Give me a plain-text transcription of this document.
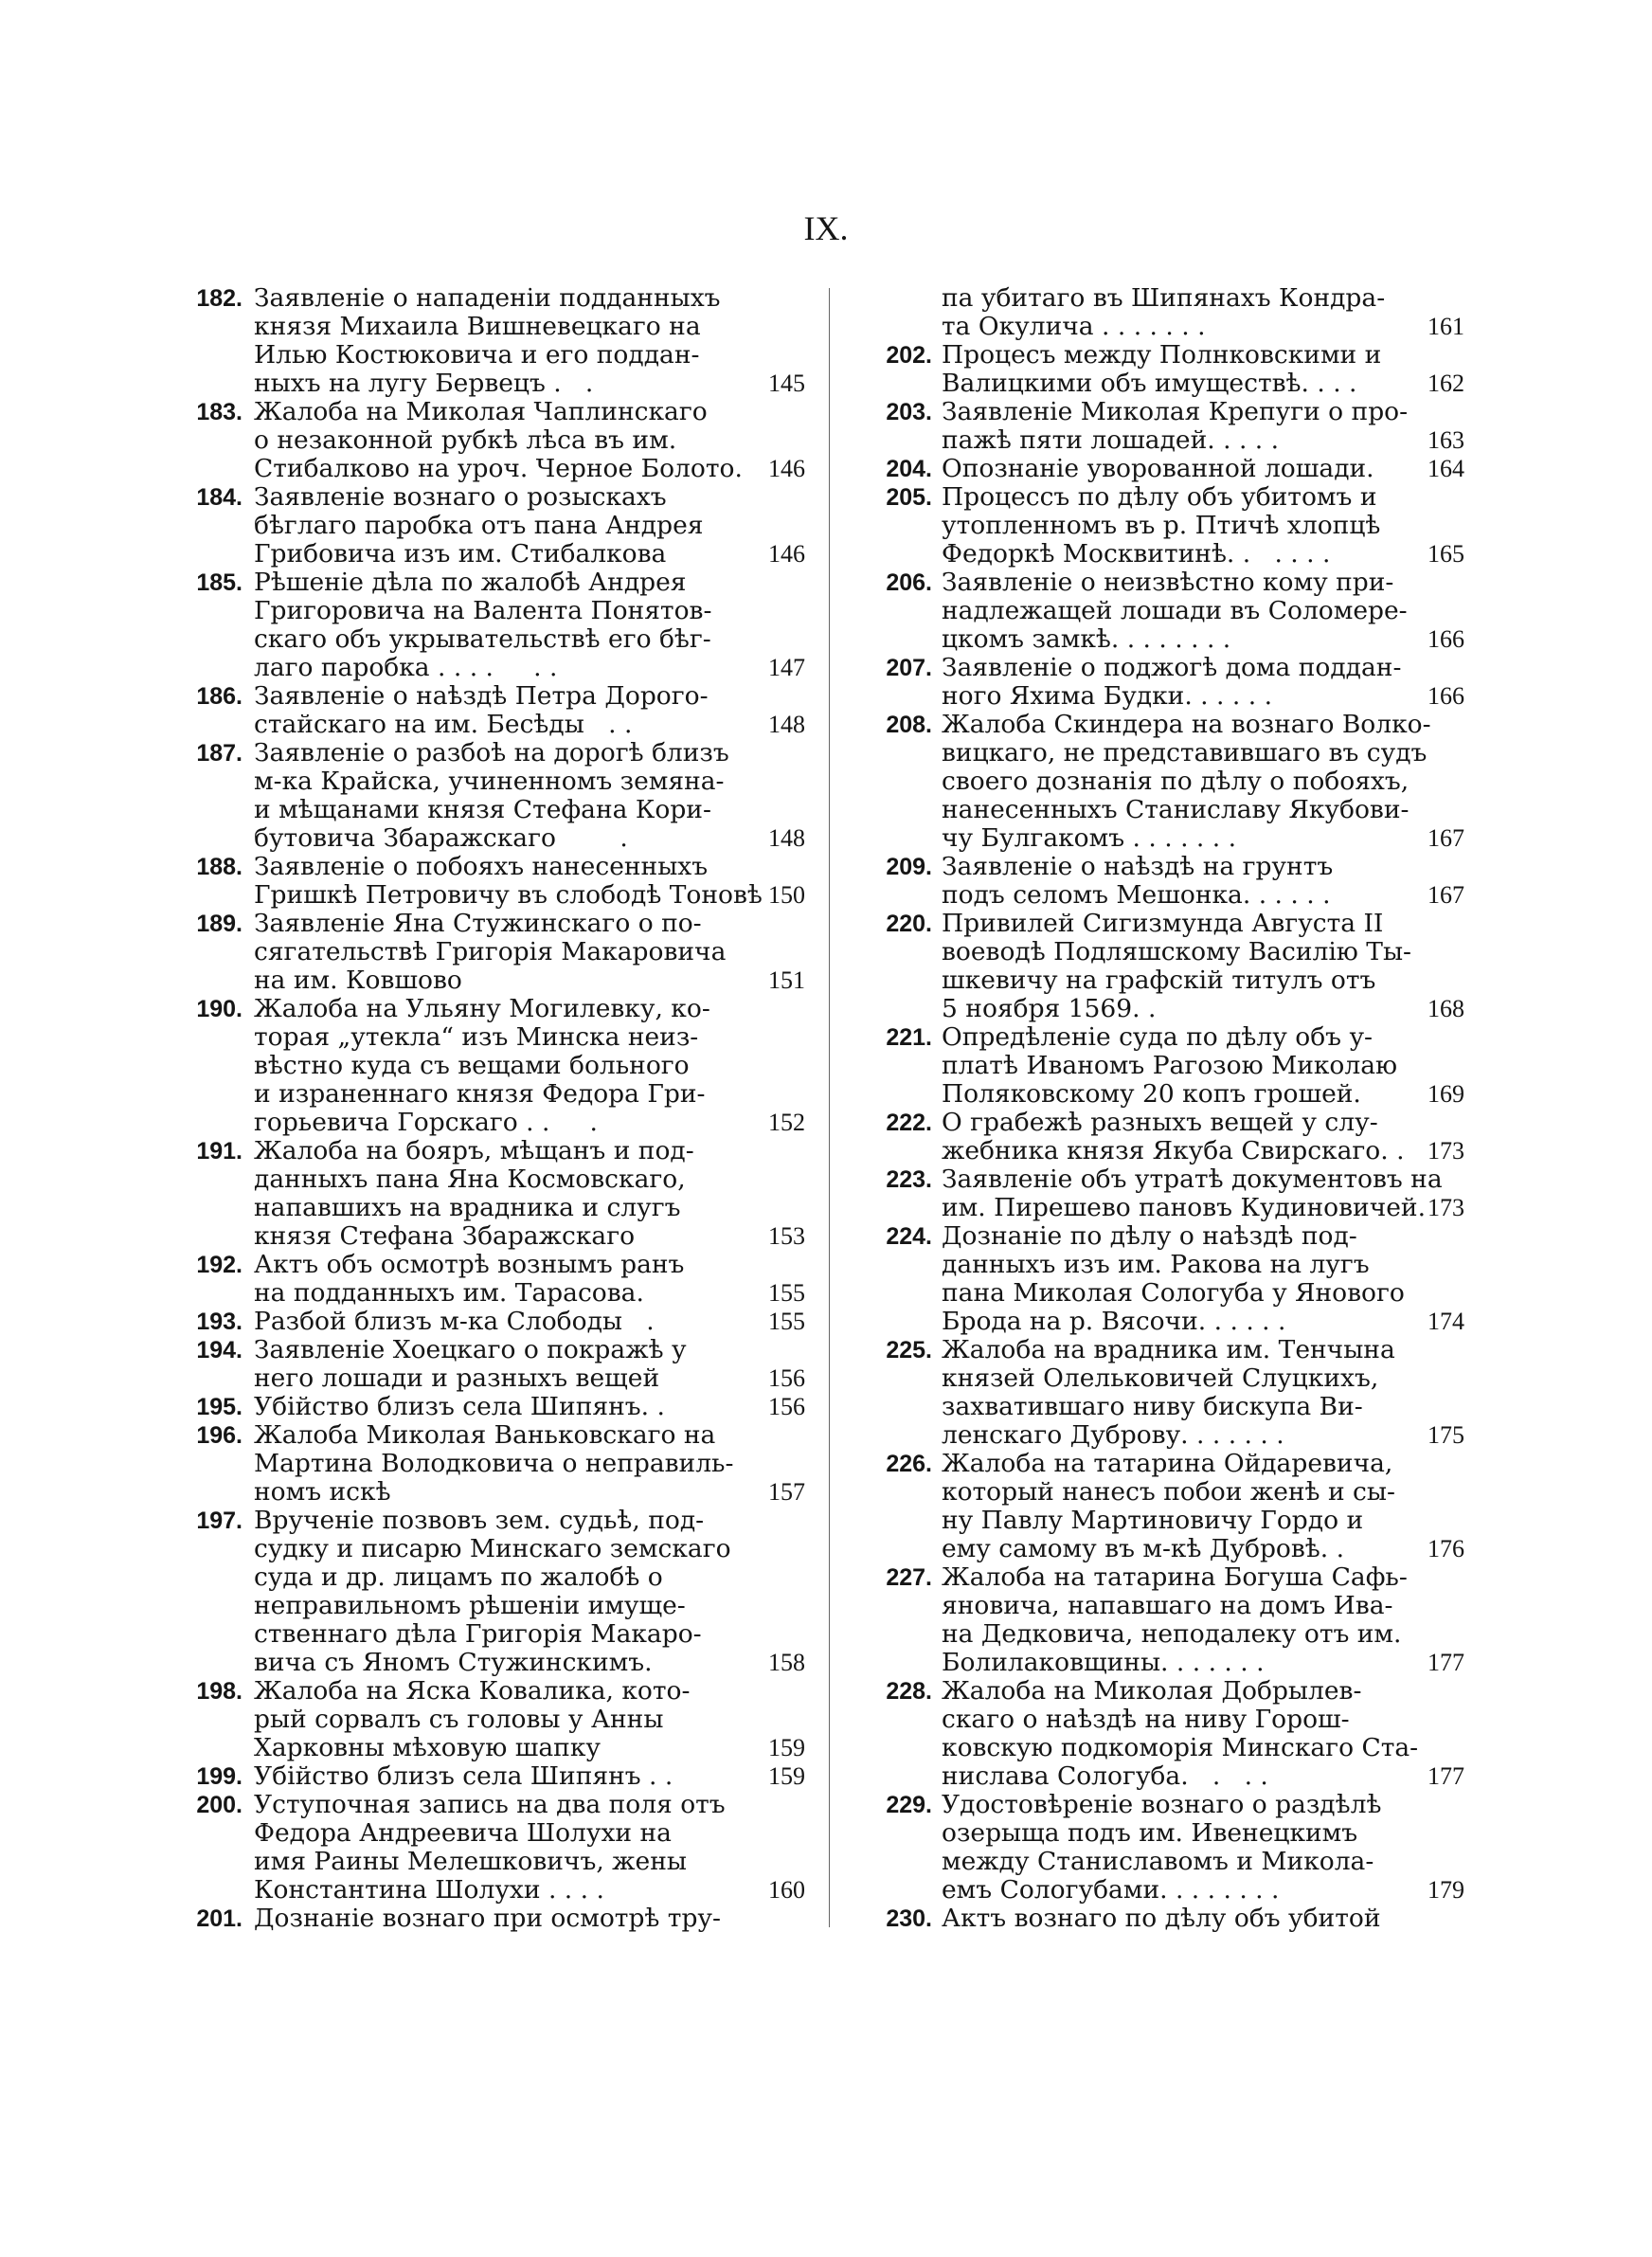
IX.
182. Заявленіе о нападеніи подданныхъ
князя Михаила Вишневецкаго на
Илью Костюковича и его поддан-
ныхъ на лугу Бервецъ .   .	145
183. Жалоба на Миколая Чаплинскаго
о незаконной рубкѣ лѣса въ им.
Стибалково на уроч. Черное Болото. 146
184. Заявленіе вознаго о розыскахъ
бѣглаго паробка отъ пана Андрея
Грибовича изъ им. Стибалкова	146
185. Рѣшеніе дѣла по жалобѣ Андрея
Григоровича на Валента Понятов-
скаго объ укрывательствѣ его бѣг-
лаго паробка . . . .     . .	147
186. Заявленіе о наѣздѣ Петра Дорого-
стайскаго на им. Бесѣды   . .	148
187. Заявленіе о разбоѣ на дорогѣ близъ
м-ка Крайска, учиненномъ земяна-
и мѣщанами князя Стефана Кори-
бутовича Збаражскаго        .	148
188. Заявленіе о побояхъ нанесенныхъ
Гришкѣ Петровичу въ слободѣ Тоновѣ 150
189. Заявленіе Яна Стужинскаго о по-
сягательствѣ Григорія Макаровича
на им. Ковшово	151
190. Жалоба на Ульяну Могилевку, ко-
торая „утекла“ изъ Минска неиз-
вѣстно куда съ вещами больного
и израненнаго князя Федора Гри-
горьевича Горскаго . .     .	152
191. Жалоба на бояръ, мѣщанъ и под-
данныхъ пана Яна Космовскаго,
напавшихъ на врадника и слугъ
князя Стефана Збаражскаго	153
192. Актъ объ осмотрѣ вознымъ ранъ
на подданныхъ им. Тарасова.	155
193. Разбой близъ м-ка Слободы   .	155
194. Заявленіе Хоецкаго о покражѣ у
него лошади и разныхъ вещей	156
195. Убійство близъ села Шипянъ. .	156
196. Жалоба Миколая Ваньковскаго на
Мартина Володковича о неправиль-
номъ искѣ	157
197. Врученіе позвовъ зем. судьѣ, под-
судку и писарю Минскаго земскаго
суда и др. лицамъ по жалобѣ о
неправильномъ рѣшеніи имуще-
ственнаго дѣла Григорія Макаро-
вича съ Яномъ Стужинскимъ.	158
198. Жалоба на Яска Ковалика, кото-
рый сорвалъ съ головы у Анны
Харковны мѣховую шапку	159
199. Убійство близъ села Шипянъ . .	159
200. Уступочная запись на два поля отъ
Федора Андреевича Шолухи на
имя Раины Мелешковичъ, жены
Константина Шолухи . . . .	160
201. Дознаніе вознаго при осмотрѣ тру-
па убитаго въ Шипянахъ Кондра-
та Окулича . . . . . . .	161
202. Процесъ между Полнковскими и
Валицкими объ имуществѣ. . . .	162
203. Заявленіе Миколая Крепуги о про-
пажѣ пяти лошадей. . . . .	163
204. Опознаніе уворованной лошади. 164
205. Процессъ по дѣлу объ убитомъ и
утопленномъ въ р. Птичѣ хлопцѣ
Федоркѣ Москвитинѣ. .   . . . .	165
206. Заявленіе о неизвѣстно кому при-
надлежащей лошади въ Соломере-
цкомъ замкѣ. . . . . . . .	166
207. Заявленіе о поджогѣ дома поддан-
ного Яхима Будки. . . . . .	166
208. Жалоба Скиндера на вознаго Волко-
вицкаго, не представившаго въ судъ
своего дознанія по дѣлу о побояхъ,
нанесенныхъ Станиславу Якубови-
чу Булгакомъ . . . . . . .	167
209. Заявленіе о наѣздѣ на грунтъ
подъ селомъ Мешонка. . . . . .	167
220. Привилей Сигизмунда Августа II
воеводѣ Подляшскому Василію Ты-
шкевичу на графскій титулъ отъ
5 ноября 1569. .	168
221. Опредѣленіе суда по дѣлу объ у-
платѣ Иваномъ Рагозою Миколаю
Поляковскому 20 копъ грошей.	169
222. О грабежѣ разныхъ вещей у слу-
жебника князя Якуба Свирскаго. . 173
223. Заявленіе объ утратѣ документовъ на
им. Пирешево пановъ Кудиновичей. 173
224. Дознаніе по дѣлу о наѣздѣ под-
данныхъ изъ им. Ракова на лугъ
пана Миколая Сологуба у Янового
Брода на р. Вясочи. . . . . .	174
225. Жалоба на врадника им. Тенчына
князей Олельковичей Слуцкихъ,
захватившаго ниву бискупа Ви-
ленскаго Дуброву. . . . . . .	175
226. Жалоба на татарина Ойдаревича,
который нанесъ побои женѣ и сы-
ну Павлу Мартиновичу Гордо и
ему самому въ м-кѣ Дубровѣ. .	176
227. Жалоба на татарина Богуша Сафь-
яновича, напавшаго на домъ Ива-
на Дедковича, неподалеку отъ им.
Болилаковщины. . . . . . .	177
228. Жалоба на Миколая Добрылев-
скаго о наѣздѣ на ниву Горош-
ковскую подкоморія Минскаго Ста-
нислава Сологуба.   .   . .	177
229. Удостовѣреніе вознаго о раздѣлѣ
озерыща подъ им. Ивенецкимъ
между Станиславомъ и Микола-
емъ Сологубами. . . . . . . .	179
230. Актъ вознаго по дѣлу объ убитой
